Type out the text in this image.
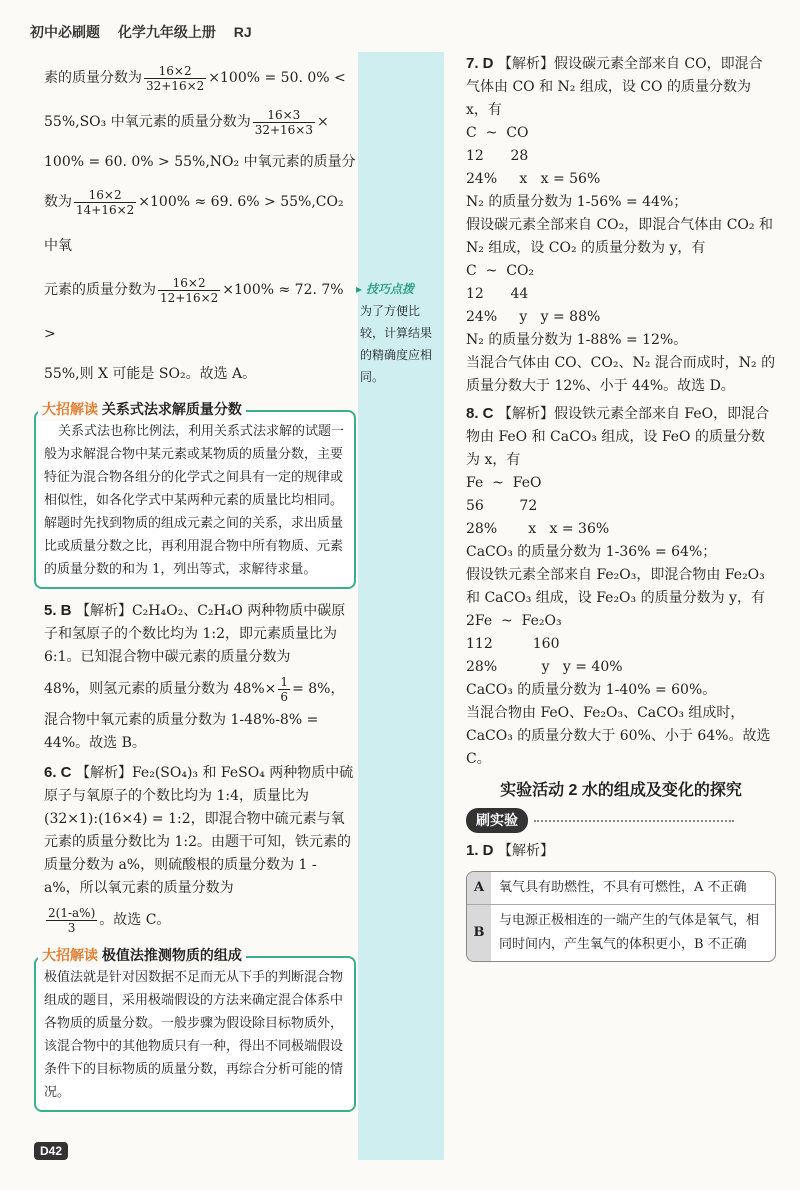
初中必刷题 化学九年级上册 RJ
▸ 技巧点拨
为了方便比较，计算结果的精确度应相同。

素的质量分数为 $\frac{16\times 2}{32+16\times 2} \times 100\% = 50$. 0% <

55%,SO₃ 中氧元素的质量分数为 $\frac{16\times 3}{32+16\times 3}$ ×

100% = 60. 0% > 55%,NO₂ 中氧元素的质量分

数为 $\frac{16\times 2}{14+16\times 2} \times 100\% \approx 69$. 6% > 55%,CO₂ 中氧

元素的质量分数为 $\frac{16\times 2}{12+16\times 2} \times 100\% \approx 72$. 7% >

55%,则 X 可能是 SO₂。故选 A。

大招解读 关系式法求解质量分数
关系式法也称比例法，利用关系式法求解的试题一般为求解混合物中某元素或某物质的质量分数，主要特征为混合物各组分的化学式之间具有一定的规律或相似性，如各化学式中某两种元素的质量比均相同。解题时先找到物质的组成元素之间的关系，求出质量比或质量分数之比，再利用混合物中所有物质、元素的质量分数的和为 1，列出等式，求解待求量。

5. B 【解析】C₂H₄O₂、C₂H₄O 两种物质中碳原子和氢原子的个数比均为 1:2，即元素质量比为 6:1。已知混合物中碳元素的质量分数为

48%，则氢元素的质量分数为 $48\%\times \frac{1}{6} = 8\%$，

混合物中氧元素的质量分数为 1-48%-8% = 44%。故选 B。

6. C 【解析】Fe₂(SO₄)₃ 和 FeSO₄ 两种物质中硫原子与氧原子的个数比均为 1:4，质量比为 (32×1):(16×4) = 1:2，即混合物中硫元素与氧元素的质量分数比为 1:2。由题干可知，铁元素的质量分数为 a%，则硫酸根的质量分数为 1 - a%，所以氧元素的质量分数为

$\frac{2(1-a\%)}{3}$ 。故选 C。

大招解读 极值法推测物质的组成
极值法就是针对因数据不足而无从下手的判断混合物组成的题目，采用极端假设的方法来确定混合体系中各物质的质量分数。一般步骤为假设除目标物质外，该混合物中的其他物质只有一种，得出不同极端假设条件下的目标物质的质量分数，再综合分析可能的情况。

7. D 【解析】假设碳元素全部来自 CO，即混合气体由 CO 和 N₂ 组成，设 CO 的质量分数为 x，有

C  ~  CO

12      28

24%     x   x = 56%

N₂ 的质量分数为 1-56% = 44%；

假设碳元素全部来自 CO₂，即混合气体由 CO₂ 和 N₂ 组成，设 CO₂ 的质量分数为 y，有

C  ~  CO₂

12      44

24%     y   y = 88%

N₂ 的质量分数为 1-88% = 12%。

当混合气体由 CO、CO₂、N₂ 混合而成时，N₂ 的质量分数大于 12%、小于 44%。故选 D。

8. C 【解析】假设铁元素全部来自 FeO，即混合物由 FeO 和 CaCO₃ 组成，设 FeO 的质量分数为 x，有

Fe  ~  FeO

56        72

28%       x   x = 36%

CaCO₃ 的质量分数为 1-36% = 64%；

假设铁元素全部来自 Fe₂O₃，即混合物由 Fe₂O₃ 和 CaCO₃ 组成，设 Fe₂O₃ 的质量分数为 y，有

2Fe  ~  Fe₂O₃

112         160

28%          y   y = 40%

CaCO₃ 的质量分数为 1-40% = 60%。

当混合物由 FeO、Fe₂O₃、CaCO₃ 组成时，CaCO₃ 的质量分数大于 60%、小于 64%。故选 C。

实验活动 2 水的组成及变化的探究
刷实验

1. D 【解析】

A	氧气具有助燃性，不具有可燃性，A 不正确
B
与电源正极相连的一端产生的气体是氧气，相同时间内，产生氧气的体积更小，B 不正确
D42
